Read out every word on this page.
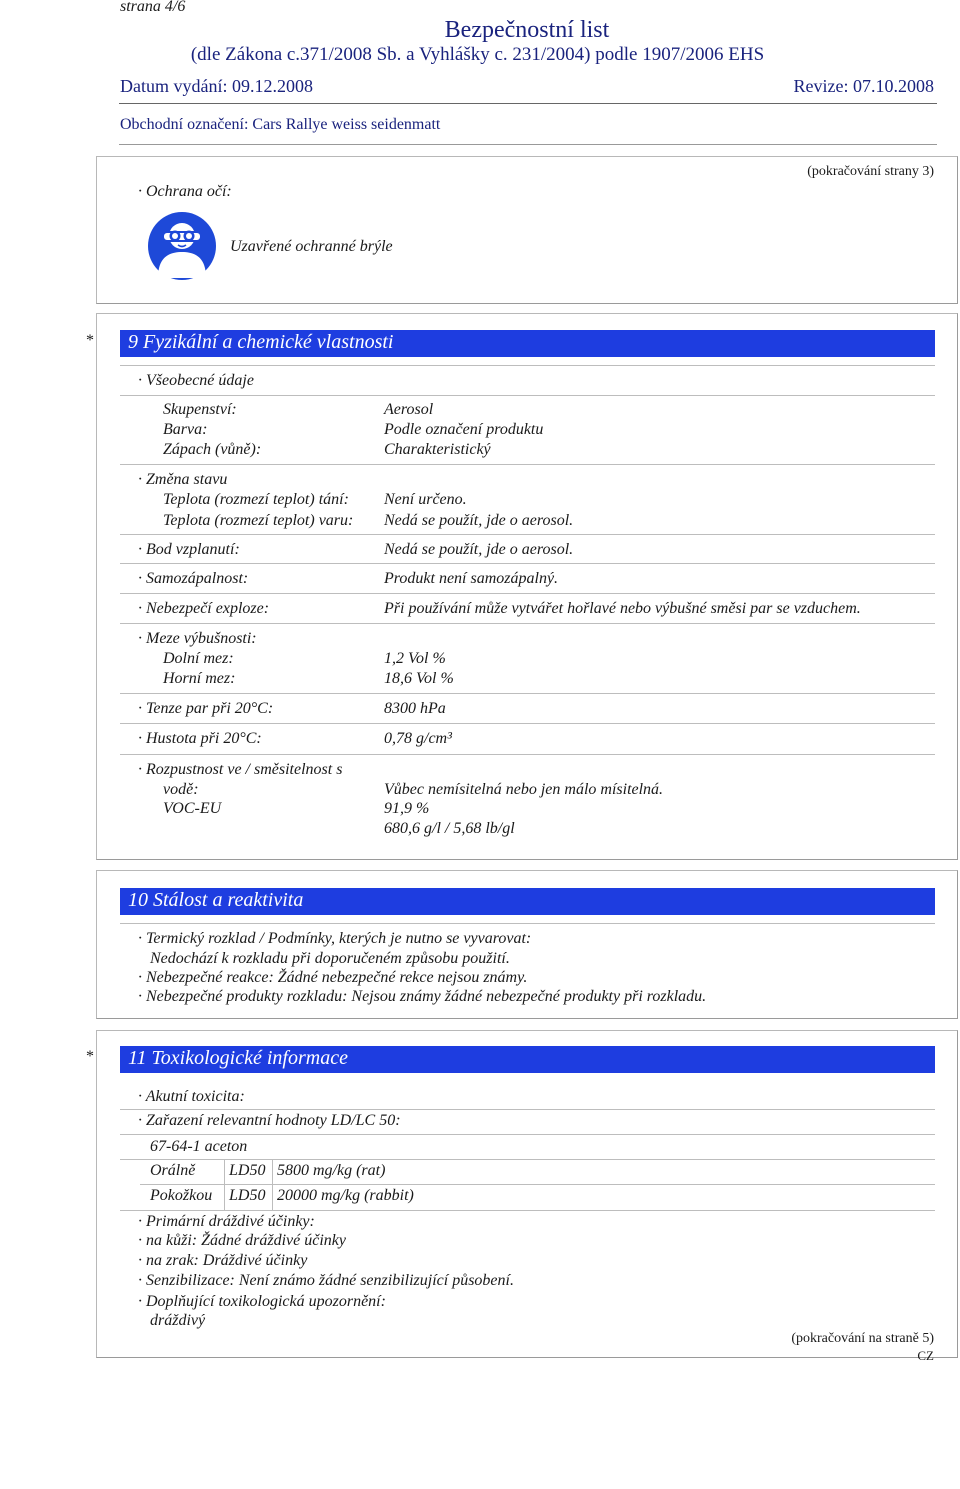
strana 4/6
Bezpečnostní list
(dle Zákona c.371/2008 Sb. a Vyhlášky c. 231/2004) podle 1907/2006 EHS
Datum vydání: 09.12.2008	Revize: 07.10.2008
Obchodní označení: Cars Rallye weiss seidenmatt
(pokračování strany 3)
· Ochrana očí:
Uzavřené ochranné brýle
* 9 Fyzikální a chemické vlastnosti
· Všeobecné údaje
Skupenství:	Aerosol
Barva:	Podle označení produktu
Zápach (vůně):	Charakteristický
· Změna stavu
Teplota (rozmezí teplot) tání: Není určeno.
Teplota (rozmezí teplot) varu: Nedá se použít, jde o aerosol.
· Bod vzplanutí:	Nedá se použít, jde o aerosol.
· Samozápalnost:	Produkt není samozápalný.
· Nebezpečí exploze:	Při používání může vytvářet hořlavé nebo výbušné směsi par se vzduchem.
· Meze výbušnosti:
Dolní mez:	1,2 Vol %
Horní mez:	18,6 Vol %
· Tenze par při 20°C:	8300 hPa
· Hustota při 20°C:	0,78 g/cm³
· Rozpustnost ve / směsitelnost s
vodě:	Vůbec nemísitelná nebo jen málo mísitelná.
VOC-EU	91,9 %
680,6 g/l / 5,68 lb/gl
10 Stálost a reaktivita
· Termický rozklad / Podmínky, kterých je nutno se vyvarovat:
Nedochází k rozkladu při doporučeném způsobu použití.
· Nebezpečné reakce: Žádné nebezpečné rekce nejsou známy.
· Nebezpečné produkty rozkladu: Nejsou známy žádné nebezpečné produkty při rozkladu.
* 11 Toxikologické informace
· Akutní toxicita:
· Zařazení relevantní hodnoty LD/LC 50:
67-64-1 aceton
Orálně LD50 5800 mg/kg (rat)
Pokožkou LD50 20000 mg/kg (rabbit)
· Primární dráždivé účinky:
· na kůži: Žádné dráždivé účinky
· na zrak: Dráždivé účinky
· Senzibilizace: Není známo žádné senzibilizující působení.
· Doplňující toxikologická upozornění:
dráždivý
(pokračování na straně 5)
CZ
